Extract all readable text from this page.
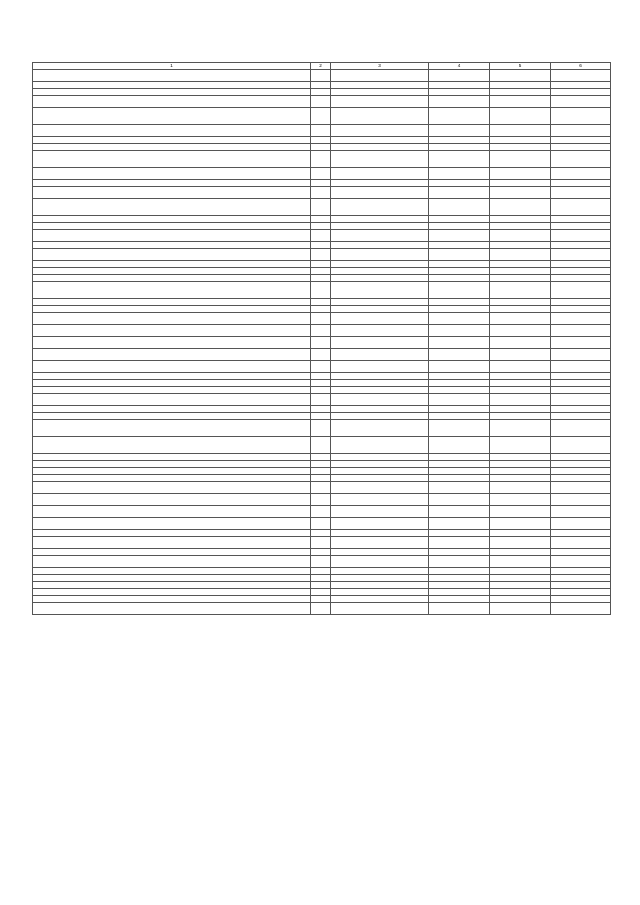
1	2	3	4	5	6
